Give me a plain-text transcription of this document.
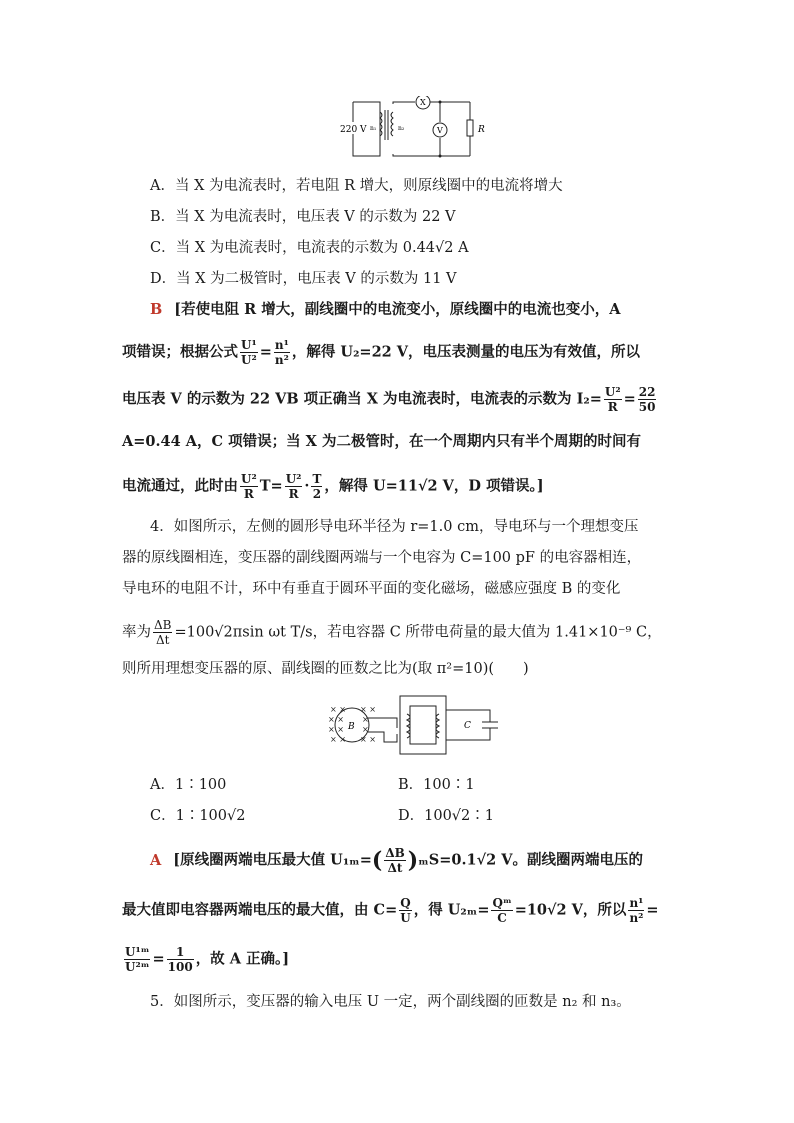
220 V n₁	n₂
X
V	R
A．当 X 为电流表时，若电阻 R 增大，则原线圈中的电流将增大
B．当 X 为电流表时，电压表 V 的示数为 22 V
C．当 X 为电流表时，电流表的示数为 0.44√2 A
D．当 X 为二极管时，电压表 V 的示数为 11 V
B [若使电阻 R 增大，副线圈中的电流变小，原线圈中的电流也变小，A
项错误；根据公式 $\frac{\text{U¹}}{\text{U²}} = \frac{\text{n¹}}{\text{n²}}$ ，解得 U₂=22 V，电压表测量的电压为有效值，所以
电压表 V 的示数为 22 VB 项正确当 X 为电流表时，电流表的示数为 $I_2= \frac{\text{U²}}{R} = \frac{22}{50}$
A=0.44 A，C 项错误；当 X 为二极管时，在一个周期内只有半个周期的时间有
电流通过，此时由 $\frac{\text{U²}}{R} T= \frac{\text{U²}}{R} \cdot \frac{T}{2}$ ，解得 U=11√2 V，D 项错误。]
4．如图所示，左侧的圆形导电环半径为 r=1.0 cm，导电环与一个理想变压
器的原线圈相连，变压器的副线圈两端与一个电容为 C=100 pF 的电容器相连，
导电环的电阻不计，环中有垂直于圆环平面的变化磁场，磁感应强度 B 的变化
率为 $\frac{\Delta B}{\Delta t} =100√2\pi\sin$ ωt T/s，若电容器 C 所带电荷量的最大值为 1.41×10⁻⁹ C，
则所用理想变压器的原、副线圈的匝数之比为(取 π²=10)(　　)
× × × ×
× × ×
× × ×
× × × ×
B	C
A．1∶100	B．100∶1
C．1∶100√2	D．100√2∶1
A [原线圈两端电压最大值 $U_{1m}=( \frac{\Delta B}{\Delta t} )_mS=0.1√2$ V。副线圈两端电压的
最大值即电容器两端电压的最大值，由 $C= \frac{Q}{U}$ ，得 $U_{2m}= \frac{\text{Qᵐ}}{C} =10√2$ V，所以 $\frac{\text{n¹}}{\text{n²}}$ =
$\frac{\text{U¹ᵐ}}{\text{U²ᵐ}} = \frac{1}{100}$ ，故 A 正确。]
5．如图所示，变压器的输入电压 U 一定，两个副线圈的匝数是 n₂ 和 n₃。
